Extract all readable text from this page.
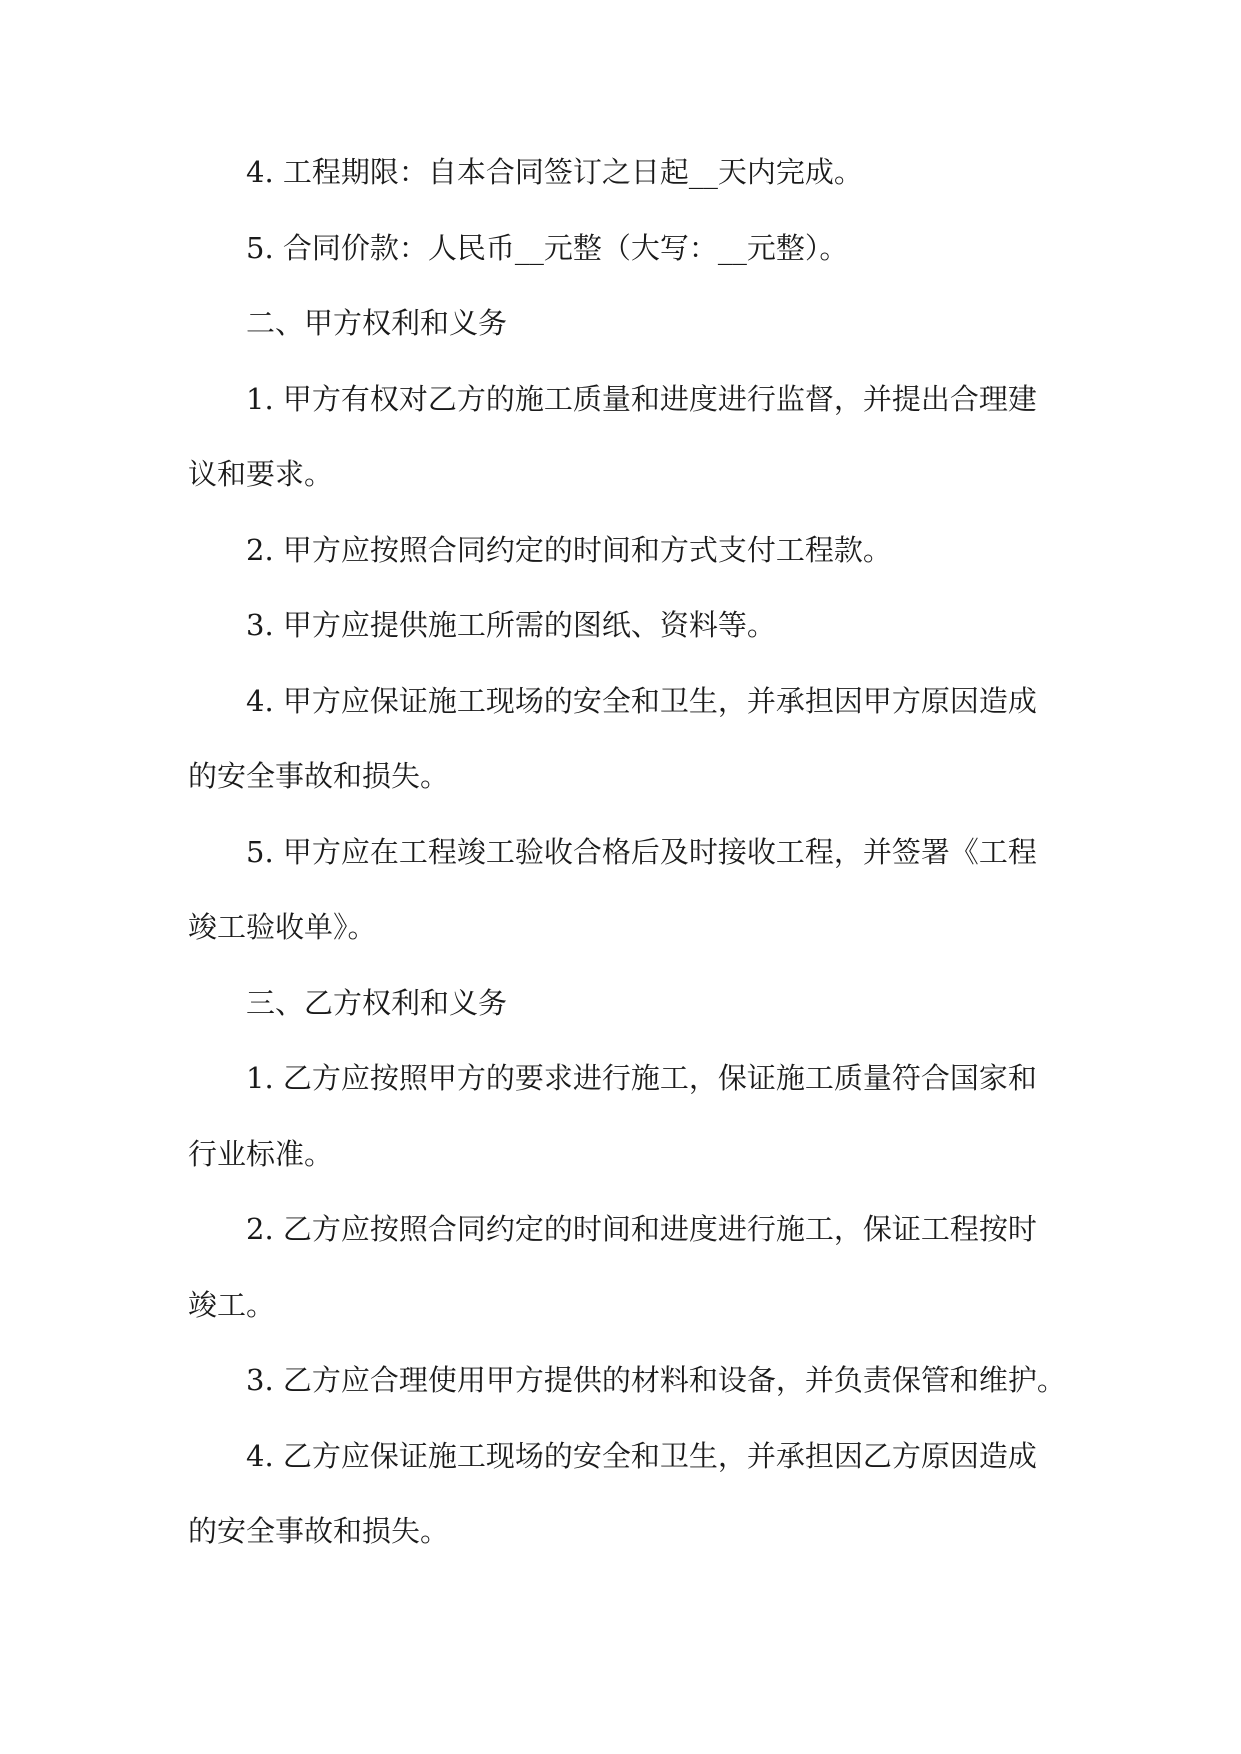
4. 工程期限：自本合同签订之日起__天内完成。
5. 合同价款：人民币__元整（大写：__元整）。
二、甲方权利和义务
1. 甲方有权对乙方的施工质量和进度进行监督，并提出合理建
议和要求。
2. 甲方应按照合同约定的时间和方式支付工程款。
3. 甲方应提供施工所需的图纸、资料等。
4. 甲方应保证施工现场的安全和卫生，并承担因甲方原因造成
的安全事故和损失。
5. 甲方应在工程竣工验收合格后及时接收工程，并签署《工程
竣工验收单》。
三、乙方权利和义务
1. 乙方应按照甲方的要求进行施工，保证施工质量符合国家和
行业标准。
2. 乙方应按照合同约定的时间和进度进行施工，保证工程按时
竣工。
3. 乙方应合理使用甲方提供的材料和设备，并负责保管和维护。
4. 乙方应保证施工现场的安全和卫生，并承担因乙方原因造成
的安全事故和损失。
